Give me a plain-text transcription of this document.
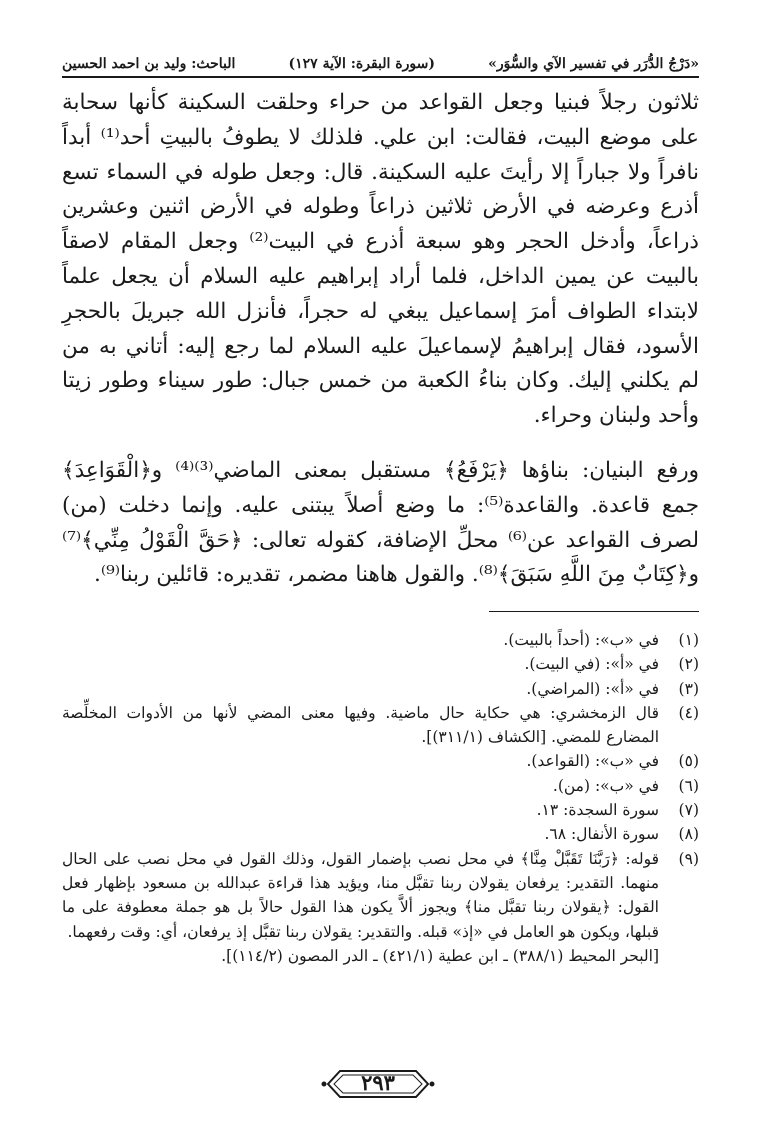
«دَرْجُ الدُّرَر في تفسير الآي والسُّوَر»
(سورة البقرة: الآية ١٢٧)
الباحث: وليد بن احمد الحسين

ثلاثون رجلاً فبنيا وجعل القواعد من حراء وحلقت السكينة كأنها سحابة على موضع البيت، فقالت: ابن علي. فلذلك لا يطوفُ بالبيتِ أحد⁽¹⁾ أبداً نافراً ولا جباراً إلا رأيتَ عليه السكينة. قال: وجعل طوله في السماء تسع أذرع وعرضه في الأرض ثلاثين ذراعاً وطوله في الأرض اثنين وعشرين ذراعاً، وأدخل الحجر وهو سبعة أذرع في البيت⁽²⁾ وجعل المقام لاصقاً بالبيت عن يمين الداخل، فلما أراد إبراهيم عليه السلام أن يجعل علماً لابتداء الطواف أمرَ إسماعيل يبغي له حجراً، فأنزل الله جبريلَ بالحجرِ الأسود، فقال إبراهيمُ لإسماعيلَ عليه السلام لما رجع إليه: أتاني به من لم يكلني إليك. وكان بناءُ الكعبة من خمس جبال: طور سيناء وطور زيتا وأحد ولبنان وحراء.

ورفع البنيان: بناؤها ﴿يَرْفَعُ﴾ مستقبل بمعنى الماضي⁽³⁾⁽⁴⁾ و﴿الْقَوَاعِدَ﴾ جمع قاعدة. والقاعدة⁽⁵⁾: ما وضع أصلاً يبتنى عليه. وإنما دخلت (من) لصرف القواعد عن⁽⁶⁾ محلِّ الإضافة، كقوله تعالى: ﴿حَقَّ الْقَوْلُ مِنِّي﴾⁽⁷⁾ و﴿كِتَابٌ مِنَ اللَّهِ سَبَقَ﴾⁽⁸⁾. والقول هاهنا مضمر، تقديره: قائلين ربنا⁽⁹⁾.

(١)
في «ب»: (أحداً بالبيت).
(٢)
في «أ»: (في البيت).
(٣)
في «أ»: (المراضي).
(٤)
قال الزمخشري: هي حكاية حال ماضية. وفيها معنى المضي لأنها من الأدوات المخلِّصة المضارع للمضي. [الكشاف (٣١١/١)].
(٥)
في «ب»: (القواعد).
(٦)
في «ب»: (من).
(٧)
سورة السجدة: ١٣.
(٨)
سورة الأنفال: ٦٨.
(٩)
قوله: ﴿رَبَّنَا تَقَبَّلْ مِنَّا﴾ في محل نصب بإضمار القول، وذلك القول في محل نصب على الحال منهما. التقدير: يرفعان يقولان ربنا تقبَّل منا، ويؤيد هذا قراءة عبدالله بن مسعود بإظهار فعل القول: ﴿يقولان ربنا تقبَّل منا﴾ ويجوز ألاَّ يكون هذا القول حالاً بل هو جملة معطوفة على ما قبلها، ويكون هو العامل في «إذ» قبله. والتقدير: يقولان ربنا تقبَّل إذ يرفعان، أي: وقت رفعهما.
[البحر المحيط (٣٨٨/١) ـ ابن عطية (٤٢١/١) ـ الدر المصون (١١٤/٢)].
٢٩٣
